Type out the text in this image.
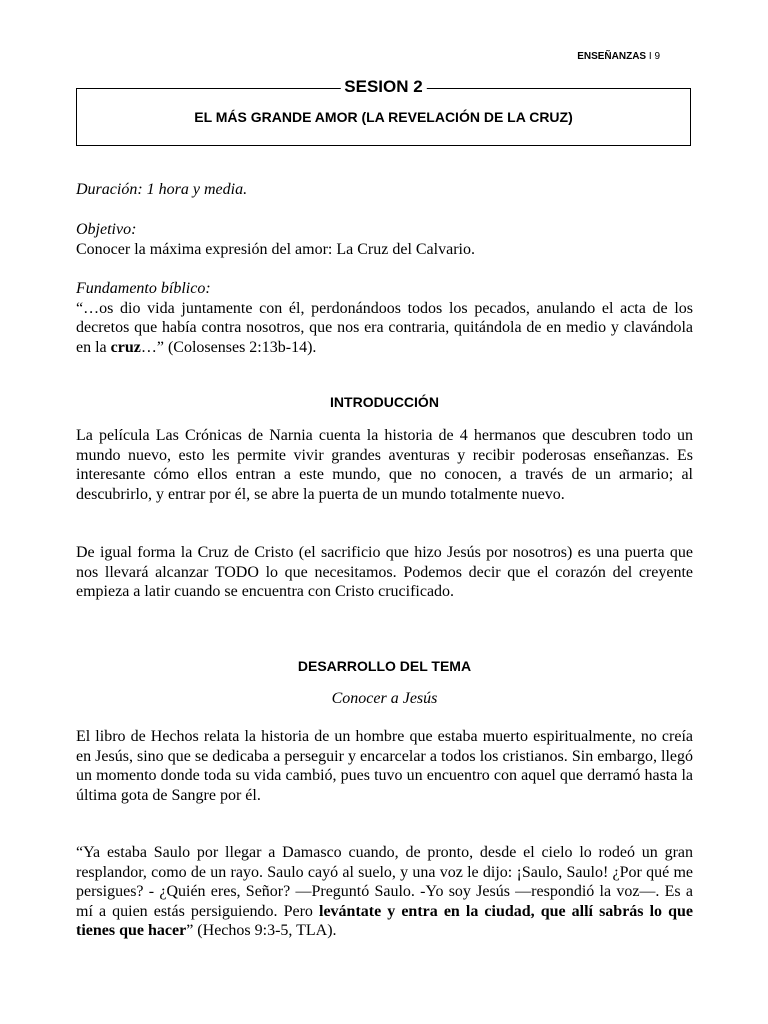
ENSEÑANZAS I 9
SESION 2
EL MÁS GRANDE AMOR (LA REVELACIÓN DE LA CRUZ)

Duración: 1 hora y media.

Objetivo:

Conocer la máxima expresión del amor: La Cruz del Calvario.

Fundamento bíblico:

“…os dio vida juntamente con él, perdonándoos todos los pecados, anulando el acta de los decretos que había contra nosotros, que nos era contraria, quitándola de en medio y clavándola en la cruz…” (Colosenses 2:13b-14).

INTRODUCCIÓN

La película Las Crónicas de Narnia cuenta la historia de 4 hermanos que descubren todo un mundo nuevo, esto les permite vivir grandes aventuras y recibir poderosas enseñanzas. Es interesante cómo ellos entran a este mundo, que no conocen, a través de un armario; al descubrirlo, y entrar por él, se abre la puerta de un mundo totalmente nuevo.

De igual forma la Cruz de Cristo (el sacrificio que hizo Jesús por nosotros) es una puerta que nos llevará alcanzar TODO lo que necesitamos. Podemos decir que el corazón del creyente empieza a latir cuando se encuentra con Cristo crucificado.

DESARROLLO DEL TEMA
Conocer a Jesús

El libro de Hechos relata la historia de un hombre que estaba muerto espiritualmente, no creía en Jesús, sino que se dedicaba a perseguir y encarcelar a todos los cristianos. Sin embargo, llegó un momento donde toda su vida cambió, pues tuvo un encuentro con aquel que derramó hasta la última gota de Sangre por él.

“Ya estaba Saulo por llegar a Damasco cuando, de pronto, desde el cielo lo rodeó un gran resplandor, como de un rayo. Saulo cayó al suelo, y una voz le dijo: ¡Saulo, Saulo! ¿Por qué me persigues? - ¿Quién eres, Señor? —Preguntó Saulo. -Yo soy Jesús —respondió la voz—. Es a mí a quien estás persiguiendo. Pero levántate y entra en la ciudad, que allí sabrás lo que tienes que hacer” (Hechos 9:3-5, TLA).
